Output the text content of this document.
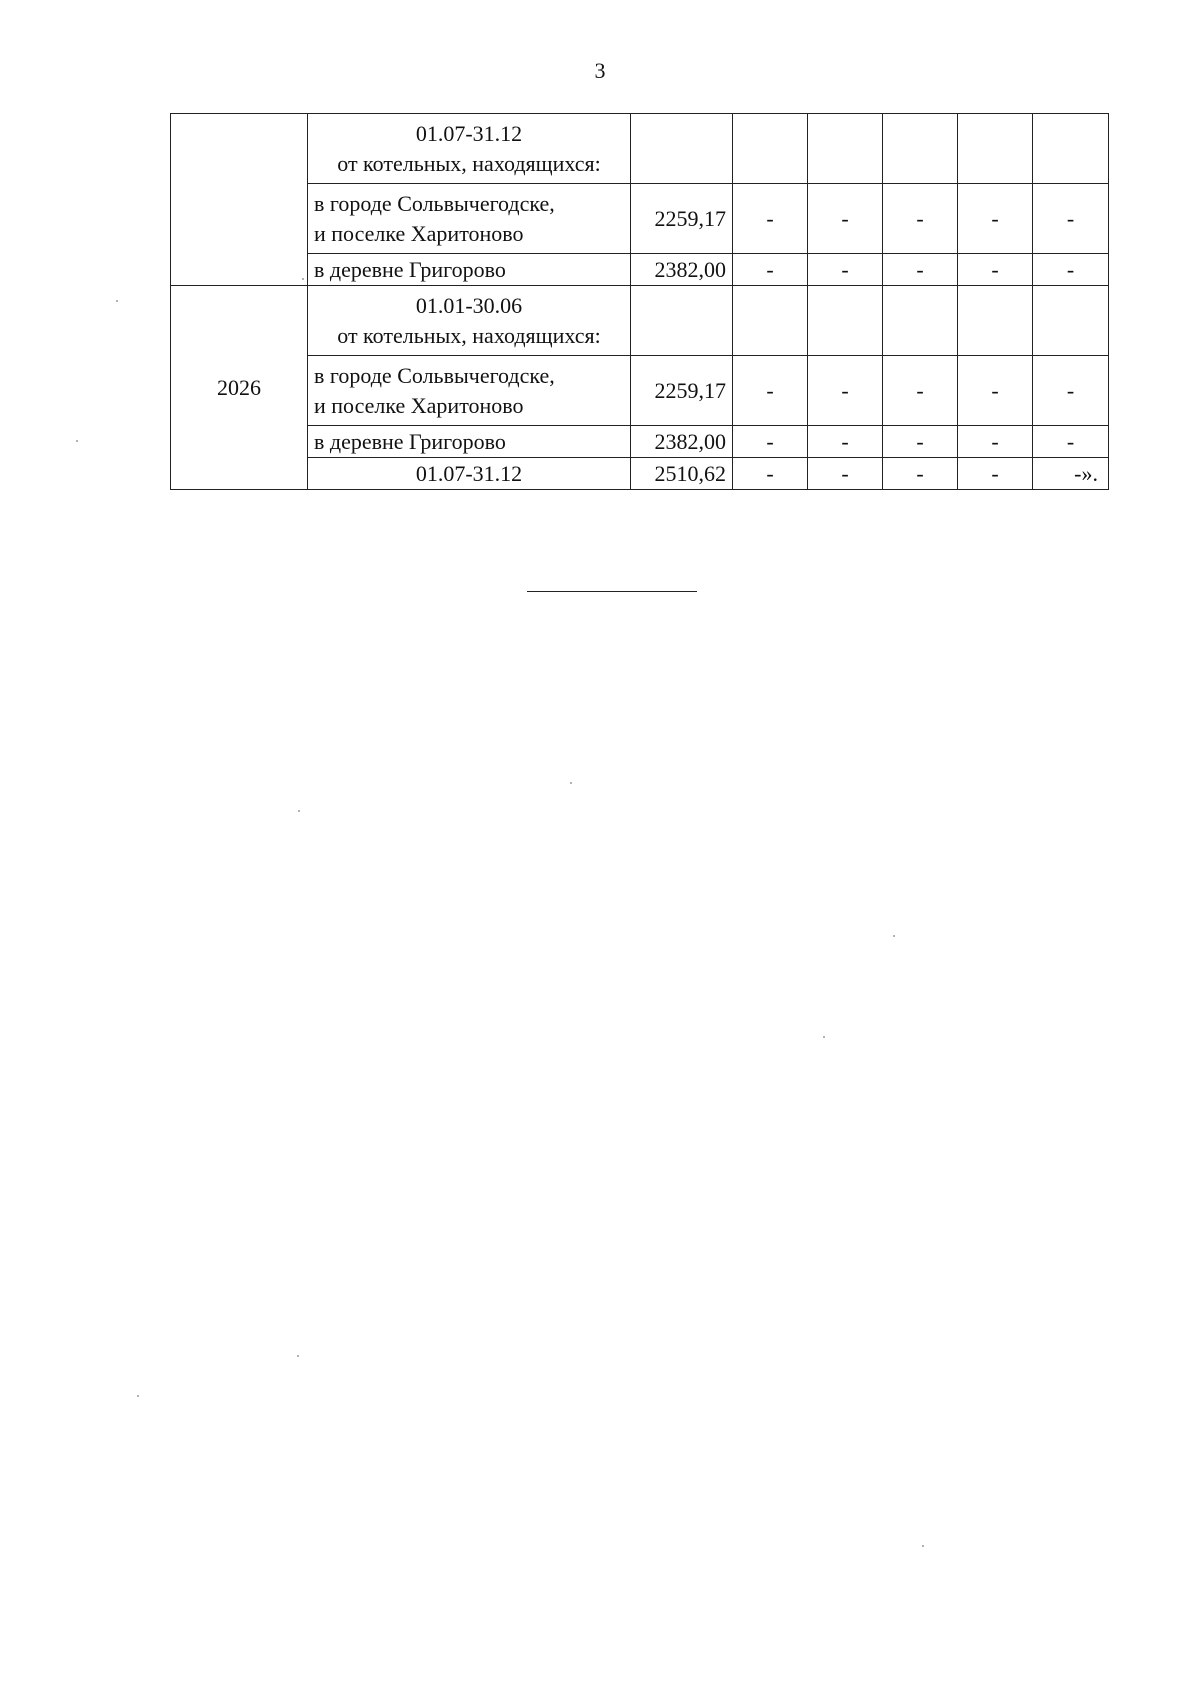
3

	01.07-31.12
от котельных, находящихся:						

	в городе Сольвычегодске,
и поселке Харитоново	2259,17	-	-	-	-	-
	в деревне Григорово	2382,00	-	-	-	-	-
2026	01.01-30.06
от котельных, находящихся:						

	в городе Сольвычегодске,
и поселке Харитоново	2259,17	-	-	-	-	-
	в деревне Григорово	2382,00	-	-	-	-	-
	01.07-31.12	2510,62	-	-	-	-	-».
